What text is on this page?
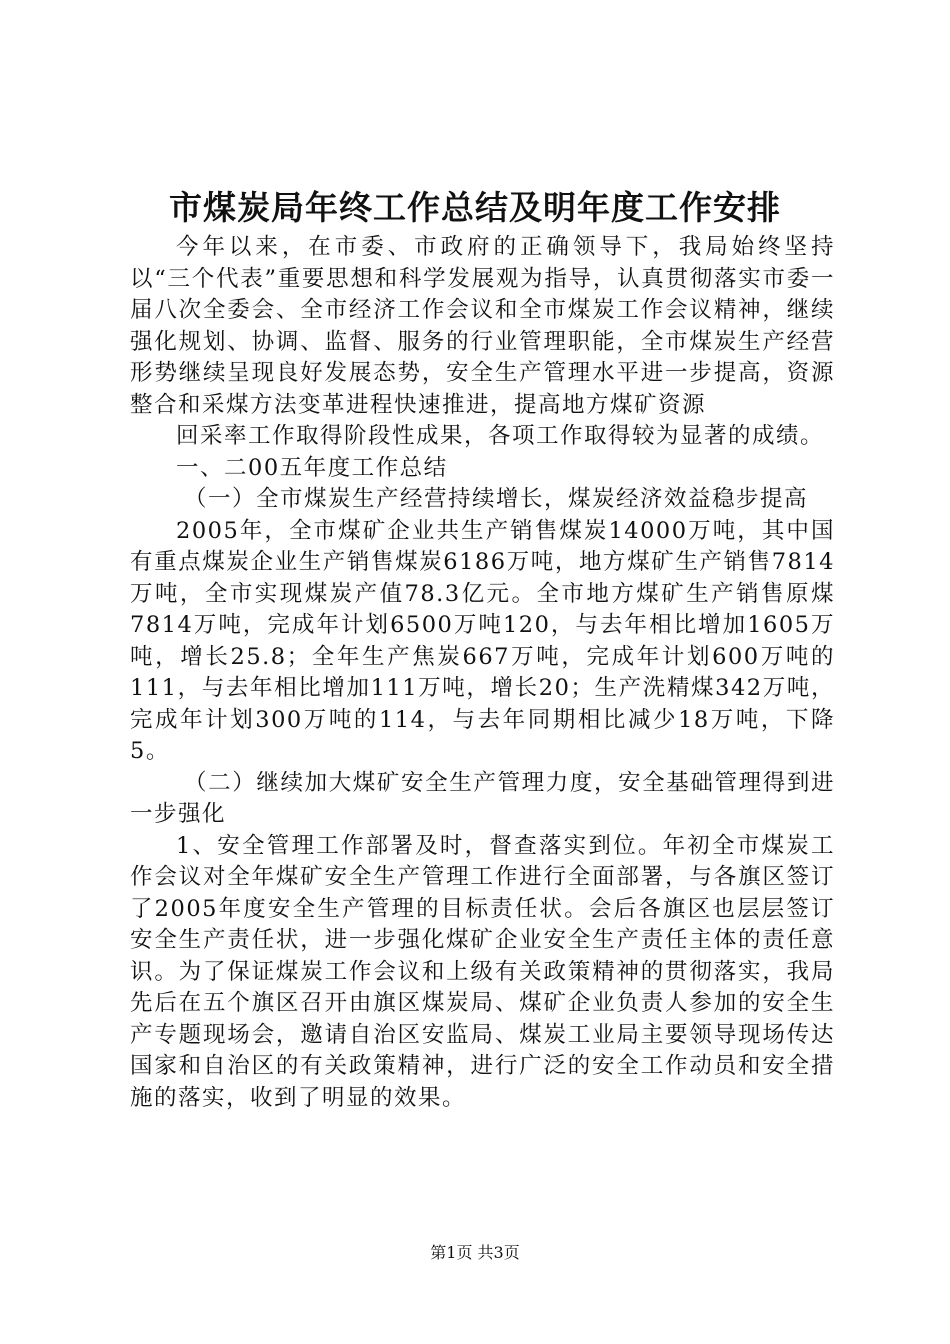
市煤炭局年终工作总结及明年度工作安排

今年以来，在市委、市政府的正确领导下，我局始终坚持以“三个代表”重要思想和科学发展观为指导，认真贯彻落实市委一届八次全委会、全市经济工作会议和全市煤炭工作会议精神，继续强化规划、协调、监督、服务的行业管理职能，全市煤炭生产经营形势继续呈现良好发展态势，安全生产管理水平进一步提高，资源整合和采煤方法变革进程快速推进，提高地方煤矿资源

回采率工作取得阶段性成果，各项工作取得较为显著的成绩。

一、二00五年度工作总结

（一）全市煤炭生产经营持续增长，煤炭经济效益稳步提高

2005年，全市煤矿企业共生产销售煤炭14000万吨，其中国有重点煤炭企业生产销售煤炭6186万吨，地方煤矿生产销售7814万吨，全市实现煤炭产值78.3亿元。全市地方煤矿生产销售原煤7814万吨，完成年计划6500万吨120，与去年相比增加1605万吨，增长25.8；全年生产焦炭667万吨，完成年计划600万吨的111，与去年相比增加111万吨，增长20；生产洗精煤342万吨，完成年计划300万吨的114，与去年同期相比减少18万吨，下降5。

（二）继续加大煤矿安全生产管理力度，安全基础管理得到进一步强化

1、安全管理工作部署及时，督查落实到位。年初全市煤炭工作会议对全年煤矿安全生产管理工作进行全面部署，与各旗区签订了2005年度安全生产管理的目标责任状。会后各旗区也层层签订安全生产责任状，进一步强化煤矿企业安全生产责任主体的责任意识。为了保证煤炭工作会议和上级有关政策精神的贯彻落实，我局先后在五个旗区召开由旗区煤炭局、煤矿企业负责人参加的安全生产专题现场会，邀请自治区安监局、煤炭工业局主要领导现场传达国家和自治区的有关政策精神，进行广泛的安全工作动员和安全措施的落实，收到了明显的效果。

第1页 共3页
